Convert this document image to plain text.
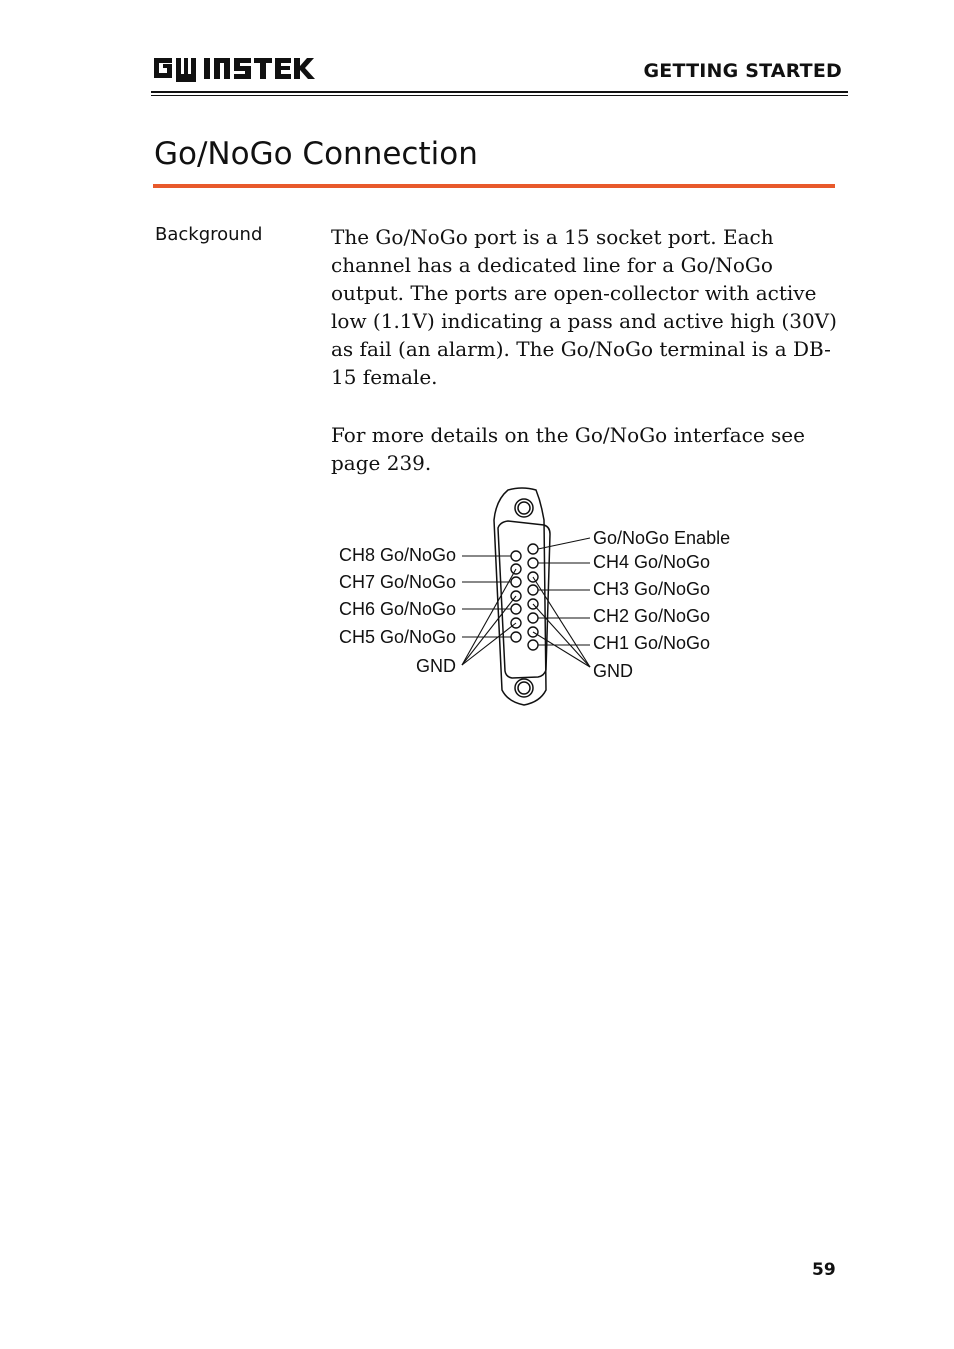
GETTING STARTED
Go/NoGo Connection
Background	The Go/NoGo port is a 15 socket port. Each channel has a dedicated line for a Go/NoGo output. The ports are open-collector with active low (1.1V) indicating a pass and active high (30V) as fail (an alarm). The Go/NoGo terminal is a DB-15 female.

For more details on the Go/NoGo interface see page 239.

CH8 Go/NoGo
CH7 Go/NoGo
CH6 Go/NoGo
CH5 Go/NoGo
GND
Go/NoGo Enable
CH4 Go/NoGo
CH3 Go/NoGo
CH2 Go/NoGo
CH1 Go/NoGo
GND
59
